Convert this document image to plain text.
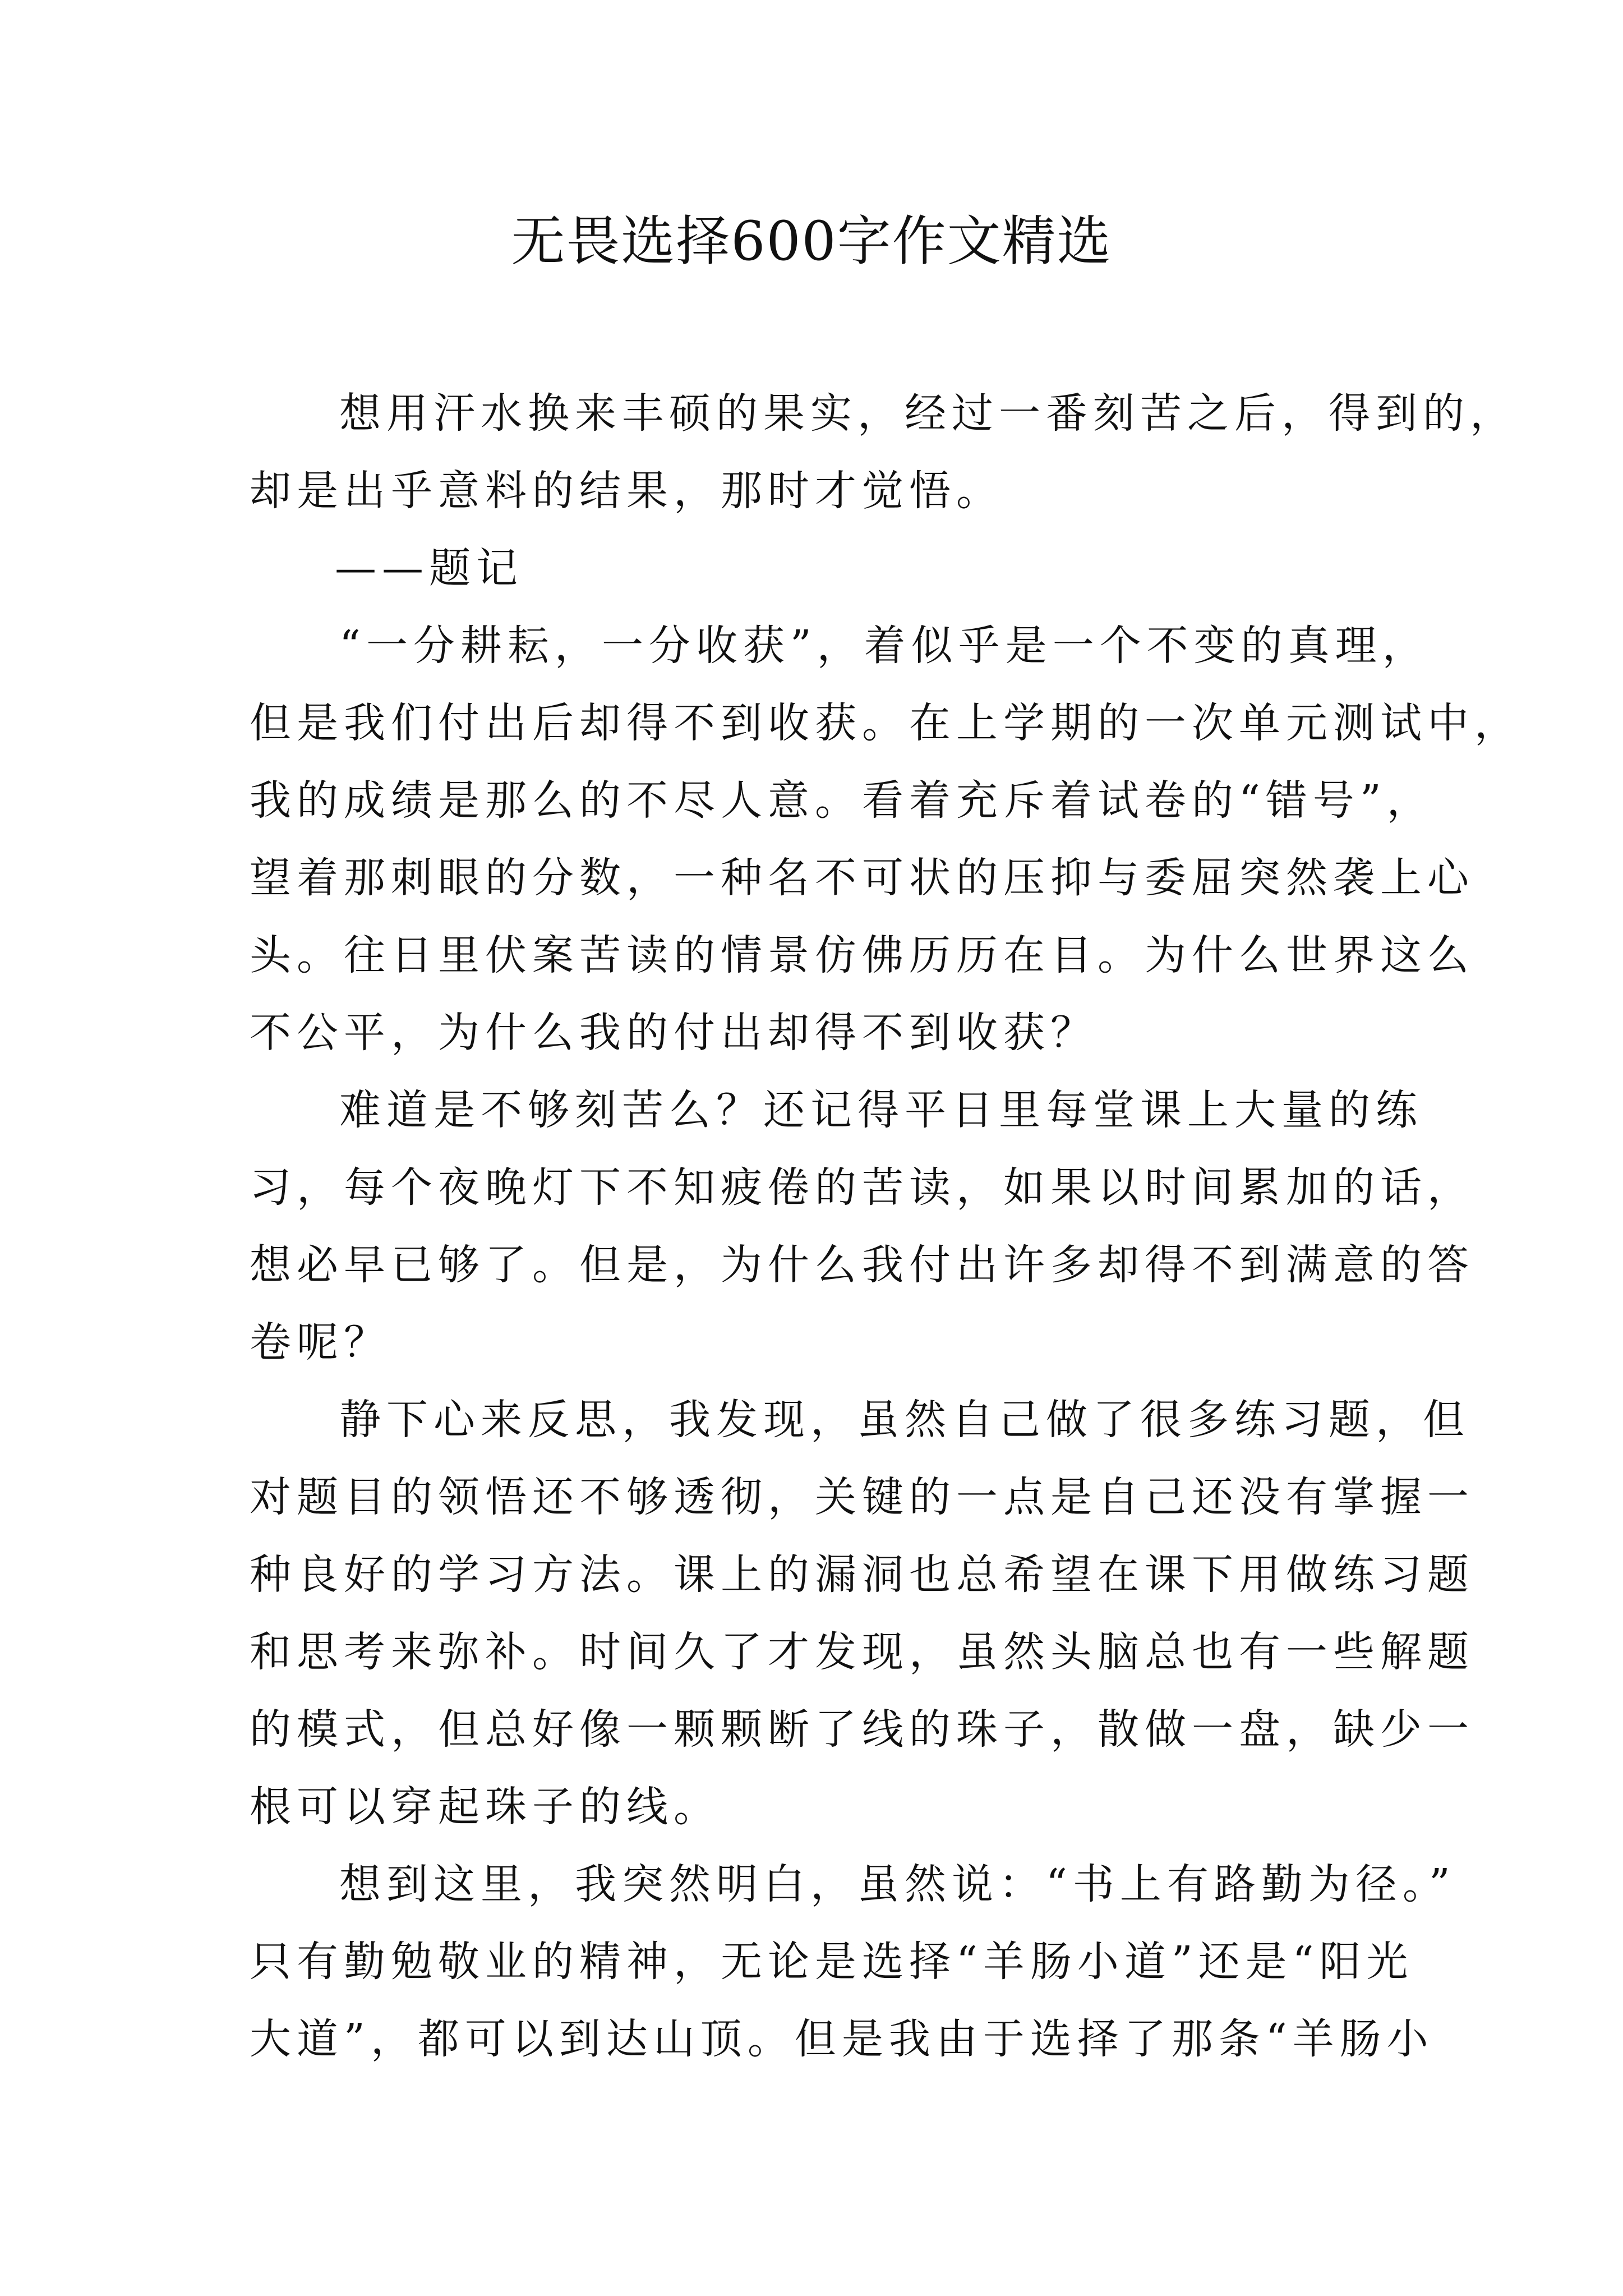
无畏选择600字作文精选
想用汗水换来丰硕的果实，经过一番刻苦之后，得到的，
却是出乎意料的结果，那时才觉悟。
——题记
“一分耕耘，一分收获”，着似乎是一个不变的真理，
但是我们付出后却得不到收获。在上学期的一次单元测试中，
我的成绩是那么的不尽人意。看着充斥着试卷的“错号”，
望着那刺眼的分数，一种名不可状的压抑与委屈突然袭上心
头。往日里伏案苦读的情景仿佛历历在目。为什么世界这么
不公平，为什么我的付出却得不到收获？
难道是不够刻苦么？还记得平日里每堂课上大量的练
习，每个夜晚灯下不知疲倦的苦读，如果以时间累加的话，
想必早已够了。但是，为什么我付出许多却得不到满意的答
卷呢？
静下心来反思，我发现，虽然自己做了很多练习题，但
对题目的领悟还不够透彻，关键的一点是自己还没有掌握一
种良好的学习方法。课上的漏洞也总希望在课下用做练习题
和思考来弥补。时间久了才发现，虽然头脑总也有一些解题
的模式，但总好像一颗颗断了线的珠子，散做一盘，缺少一
根可以穿起珠子的线。
想到这里，我突然明白，虽然说：“书上有路勤为径。”
只有勤勉敬业的精神，无论是选择“羊肠小道”还是“阳光
大道”，都可以到达山顶。但是我由于选择了那条“羊肠小
